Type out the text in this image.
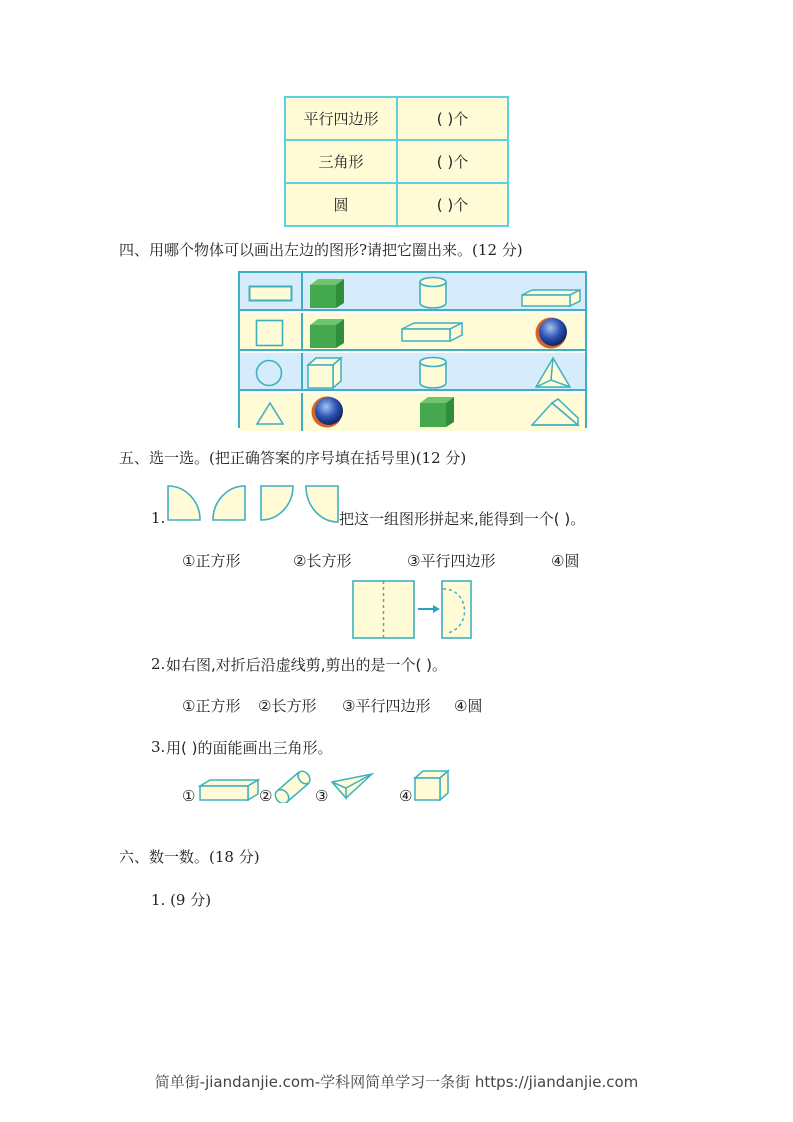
平行四边形	( )个
三角形	( )个
圆	( )个
四、用哪个物体可以画出左边的图形?请把它圈出来。(12 分)
五、选一选。(把正确答案的序号填在括号里)(12 分)
1.	把这一组图形拼起来,能得到一个( )。
①正方形	②长方形	③平行四边形	④圆
2. 如右图,对折后沿虚线剪,剪出的是一个( )。
①正方形 ②长方形 ③平行四边形 ④圆
3. 用( )的面能画出三角形。
①	②	③	④
六、数一数。(18 分)
1. (9 分)
简单街-jiandanjie.com-学科网简单学习一条街 https://jiandanjie.com
